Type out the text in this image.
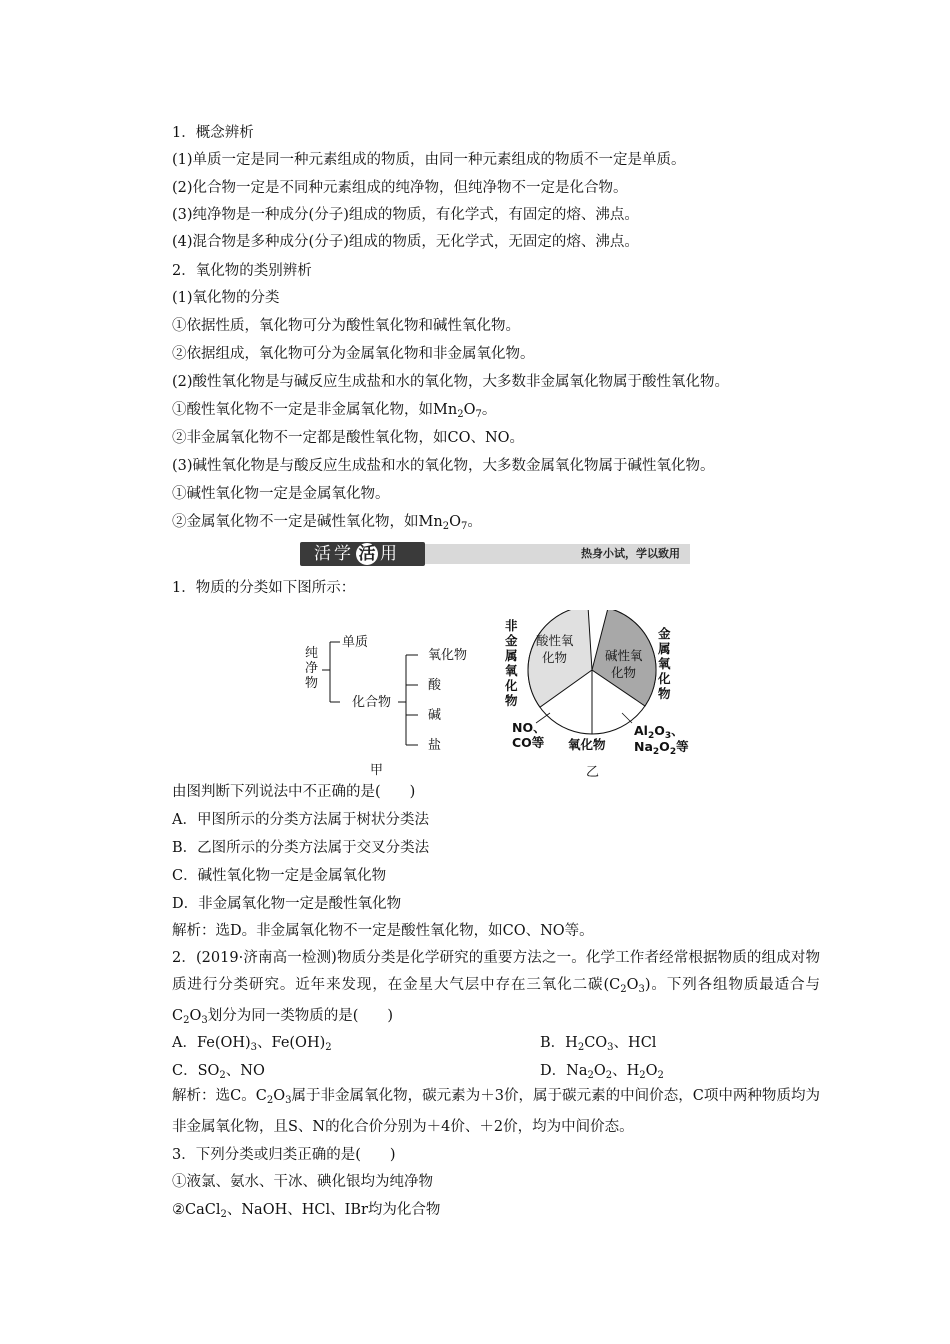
1．概念辨析
(1)单质一定是同一种元素组成的物质，由同一种元素组成的物质不一定是单质。
(2)化合物一定是不同种元素组成的纯净物，但纯净物不一定是化合物。
(3)纯净物是一种成分(分子)组成的物质，有化学式，有固定的熔、沸点。
(4)混合物是多种成分(分子)组成的物质，无化学式，无固定的熔、沸点。
2．氧化物的类别辨析
(1)氧化物的分类
①依据性质，氧化物可分为酸性氧化物和碱性氧化物。
②依据组成，氧化物可分为金属氧化物和非金属氧化物。
(2)酸性氧化物是与碱反应生成盐和水的氧化物，大多数非金属氧化物属于酸性氧化物。
①酸性氧化物不一定是非金属氧化物，如$Mn_2O_7$。
②非金属氧化物不一定都是酸性氧化物，如CO、NO。
(3)碱性氧化物是与酸反应生成盐和水的氧化物，大多数金属氧化物属于碱性氧化物。
①碱性氧化物一定是金属氧化物。
②金属氧化物不一定是碱性氧化物，如$Mn_2O_7$。
活学 活 用	热身小试，学以致用
1．物质的分类如下图所示：
纯
净
物
单质
化合物
氧化物
酸
碱
盐
甲
酸性氧
化物	碱性氧
化物
非
金
属
氧
化
物
金
属
氧
化
物
NO、
CO等 氧化物
$Al_2O_3$、
$Na_2O_2$等
乙
由图判断下列说法中不正确的是(　　)
A．甲图所示的分类方法属于树状分类法
B．乙图所示的分类方法属于交叉分类法
C．碱性氧化物一定是金属氧化物
D．非金属氧化物一定是酸性氧化物
解析：选D。非金属氧化物不一定是酸性氧化物，如CO、NO等。
2．(2019·济南高一检测)物质分类是化学研究的重要方法之一。化学工作者经常根据物质的组成对物质进行分类研究。近年来发现，在金星大气层中存在三氧化二碳$(C_2O_3)$。下列各组物质最适合与$C_2O_3$划分为同一类物质的是(　　)
A．$Fe(OH)_3$、$Fe(OH)_2$	B．$H_2CO_3$、HCl
C．$SO_2$、NO	D．$Na_2O_2$、$H_2O_2$
解析：选C。$C_2O_3$属于非金属氧化物，碳元素为＋3价，属于碳元素的中间价态，C项中两种物质均为非金属氧化物，且S、N的化合价分别为＋4价、＋2价，均为中间价态。
3．下列分类或归类正确的是(　　)
①液氯、氨水、干冰、碘化银均为纯净物
②CaCl$_2$、NaOH、HCl、IBr均为化合物
